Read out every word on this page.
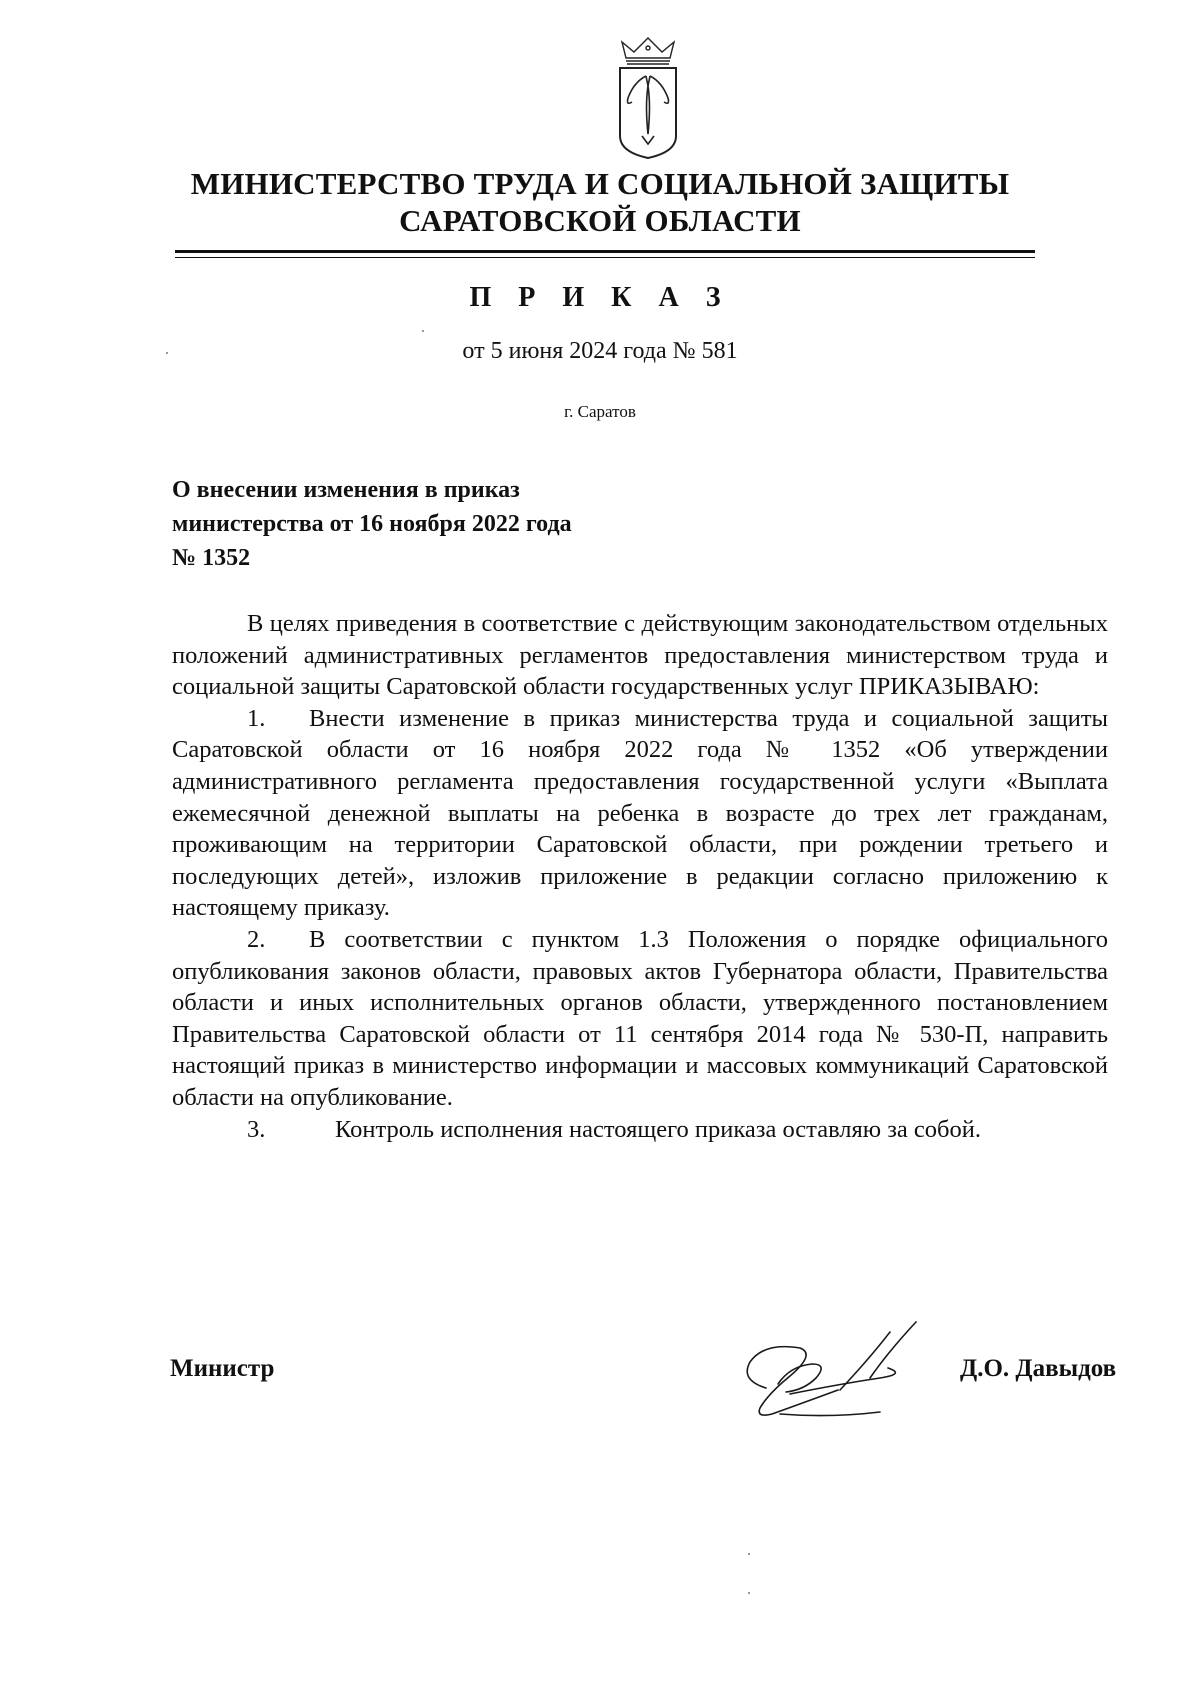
МИНИСТЕРСТВО ТРУДА И СОЦИАЛЬНОЙ ЗАЩИТЫ
САРАТОВСКОЙ ОБЛАСТИ
П Р И К А З
от 5 июня 2024 года № 581
г. Саратов
О внесении изменения в приказ
министерства от 16 ноября 2022 года
№ 1352

В целях приведения в соответствие с действующим законодательством отдельных положений административных регламентов предоставления министерством труда и социальной защиты Саратовской области государственных услуг ПРИКАЗЫВАЮ:

1. Внести изменение в приказ министерства труда и социальной защиты Саратовской области от 16 ноября 2022 года № 1352 «Об утверждении административного регламента предоставления государственной услуги «Выплата ежемесячной денежной выплаты на ребенка в возрасте до трех лет гражданам, проживающим на территории Саратовской области, при рождении третьего и последующих детей», изложив приложение в редакции согласно приложению к настоящему приказу.

2. В соответствии с пунктом 1.3 Положения о порядке официального опубликования законов области, правовых актов Губернатора области, Правительства области и иных исполнительных органов области, утвержденного постановлением Правительства Саратовской области от 11 сентября 2014 года № 530-П, направить настоящий приказ в министерство информации и массовых коммуникаций Саратовской области на опубликование.

3.	Контроль исполнения настоящего приказа оставляю за собой.

Министр	Д.О. Давыдов
